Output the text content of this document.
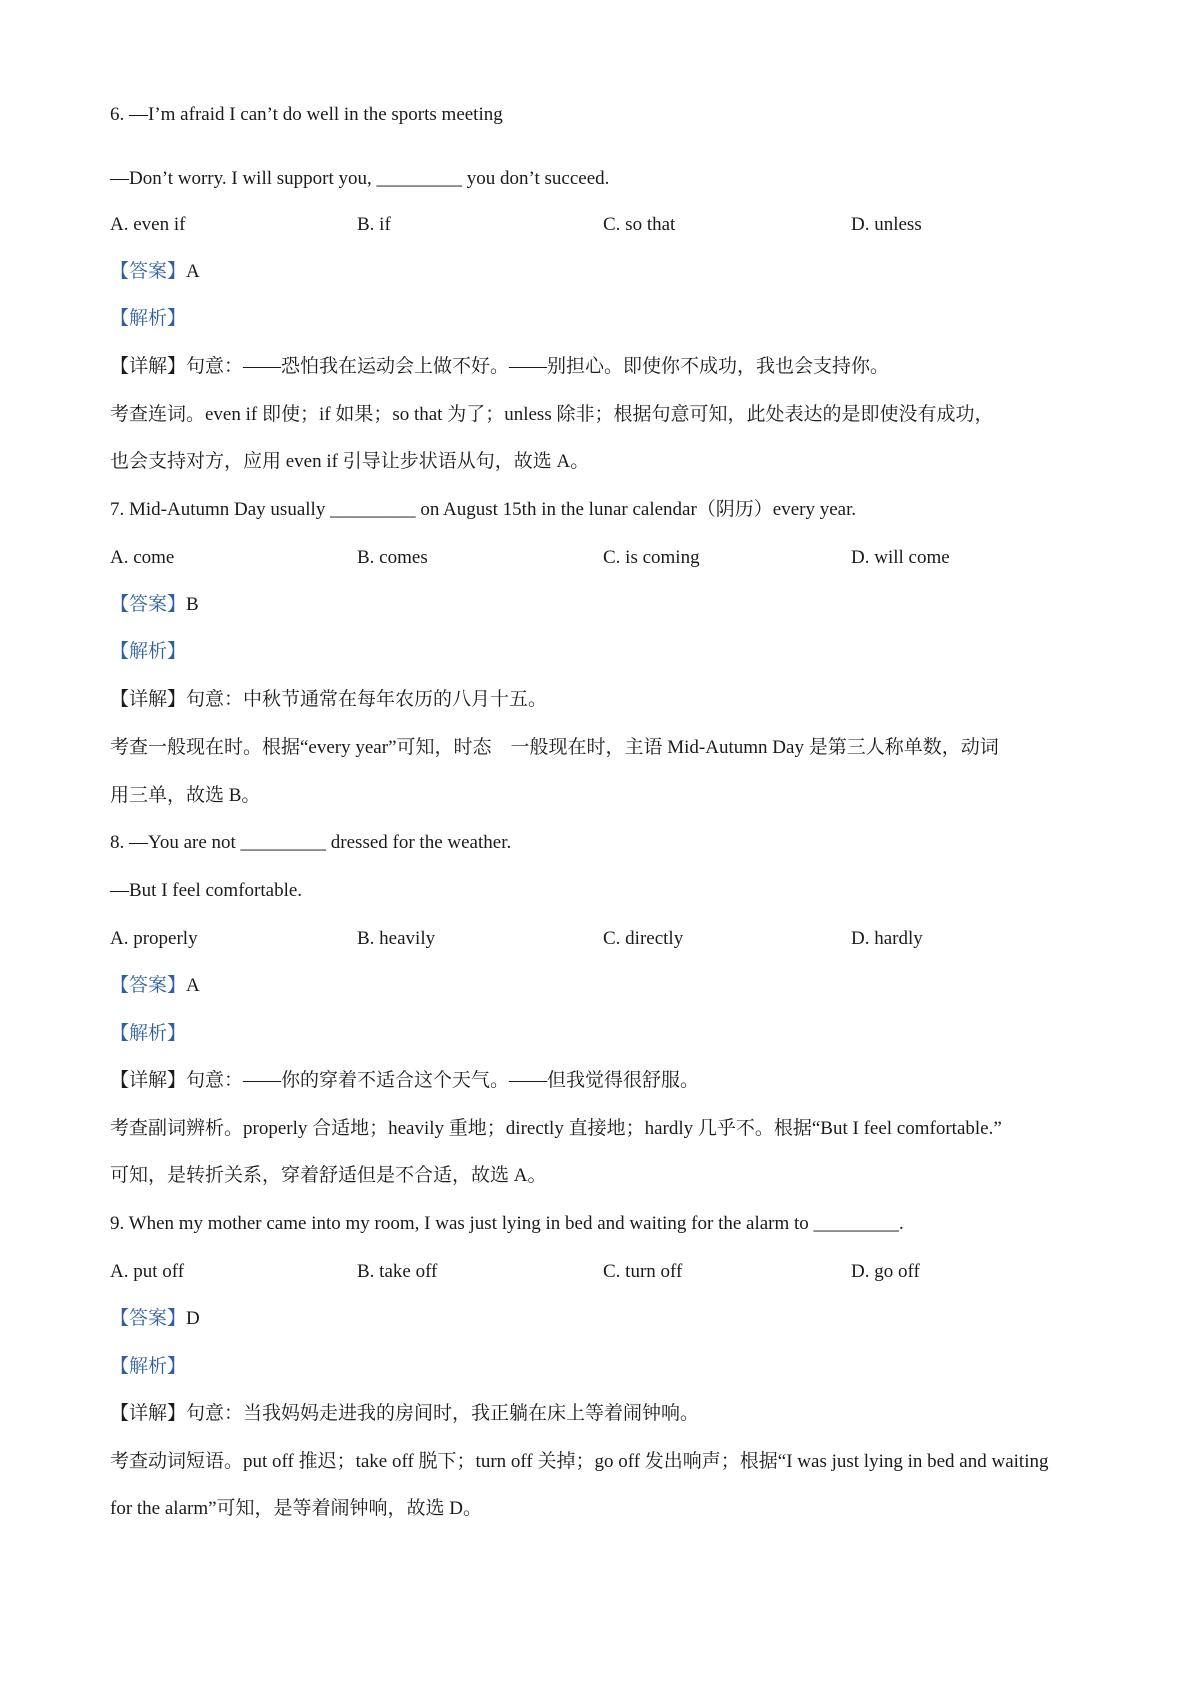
6. —I’m afraid I can’t do well in the sports meeting
—Don’t worry. I will support you, _________ you don’t succeed.
A. even if	B. if	C. so that	D. unless
【答案】A
【解析】
【详解】句意：——恐怕我在运动会上做不好。——别担心。即使你不成功，我也会支持你。
考查连词。even if 即使；if 如果；so that 为了；unless 除非；根据句意可知，此处表达的是即使没有成功，
也会支持对方，应用 even if 引导让步状语从句，故选 A。
7. Mid-Autumn Day usually _________ on August 15th in the lunar calendar（阴历）every year.
A. come	B. comes	C. is coming	D. will come
【答案】B
【解析】
【详解】句意：中秋节通常在每年农历的八月十五。
考查一般现在时。根据“every year”可知，时态　一般现在时，主语 Mid-Autumn Day 是第三人称单数，动词
用三单，故选 B。
8. —You are not _________ dressed for the weather.
—But I feel comfortable.
A. properly	B. heavily	C. directly	D. hardly
【答案】A
【解析】
【详解】句意：——你的穿着不适合这个天气。——但我觉得很舒服。
考查副词辨析。properly 合适地；heavily 重地；directly 直接地；hardly 几乎不。根据“But I feel comfortable.”
可知，是转折关系，穿着舒适但是不合适，故选 A。
9. When my mother came into my room, I was just lying in bed and waiting for the alarm to _________.
A. put off	B. take off	C. turn off	D. go off
【答案】D
【解析】
【详解】句意：当我妈妈走进我的房间时，我正躺在床上等着闹钟响。
考查动词短语。put off 推迟；take off 脱下；turn off 关掉；go off 发出响声；根据“I was just lying in bed and waiting
for the alarm”可知，是等着闹钟响，故选 D。
